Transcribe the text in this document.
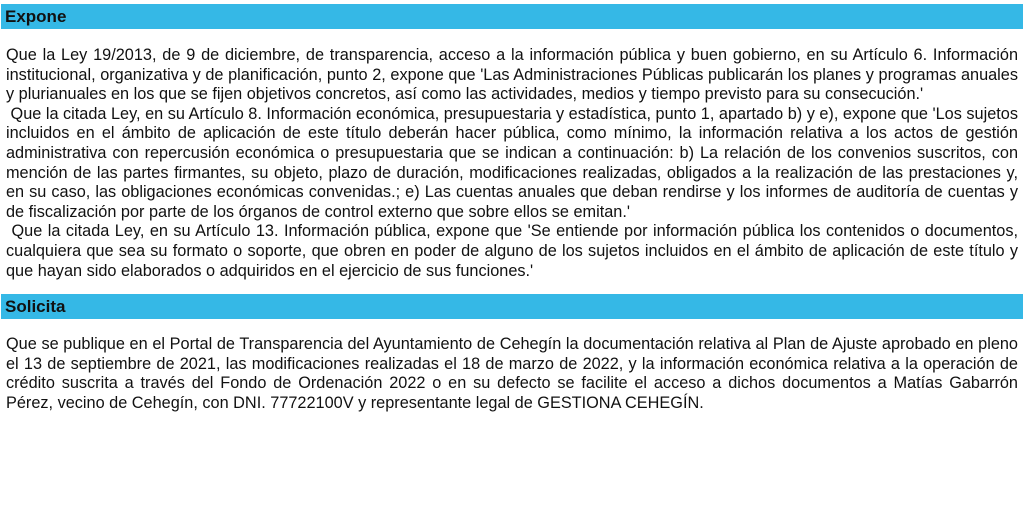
Expone

Que la Ley 19/2013, de 9 de diciembre, de transparencia, acceso a la información pública y buen gobierno, en su Artículo 6. Información institucional, organizativa y de planificación, punto 2, expone que 'Las Administraciones Públicas publicarán los planes y programas anuales y plurianuales en los que se fijen objetivos concretos, así como las actividades, medios y tiempo previsto para su consecución.'

Que la citada Ley, en su Artículo 8. Información económica, presupuestaria y estadística, punto 1, apartado b) y e), expone que 'Los sujetos incluidos en el ámbito de aplicación de este título deberán hacer pública, como mínimo, la información relativa a los actos de gestión administrativa con repercusión económica o presupuestaria que se indican a continuación: b) La relación de los convenios suscritos, con mención de las partes firmantes, su objeto, plazo de duración, modificaciones realizadas, obligados a la realización de las prestaciones y, en su caso, las obligaciones económicas convenidas.; e) Las cuentas anuales que deban rendirse y los informes de auditoría de cuentas y de fiscalización por parte de los órganos de control externo que sobre ellos se emitan.'

Que la citada Ley, en su Artículo 13. Información pública, expone que 'Se entiende por información pública los contenidos o documentos, cualquiera que sea su formato o soporte, que obren en poder de alguno de los sujetos incluidos en el ámbito de aplicación de este título y que hayan sido elaborados o adquiridos en el ejercicio de sus funciones.'

Solicita

Que se publique en el Portal de Transparencia del Ayuntamiento de Cehegín la documentación relativa al Plan de Ajuste aprobado en pleno el 13 de septiembre de 2021, las modificaciones realizadas el 18 de marzo de 2022, y la información económica relativa a la operación de crédito suscrita a través del Fondo de Ordenación 2022 o en su defecto se facilite el acceso a dichos documentos a Matías Gabarrón Pérez, vecino de Cehegín, con DNI. 77722100V y representante legal de GESTIONA CEHEGÍN.
